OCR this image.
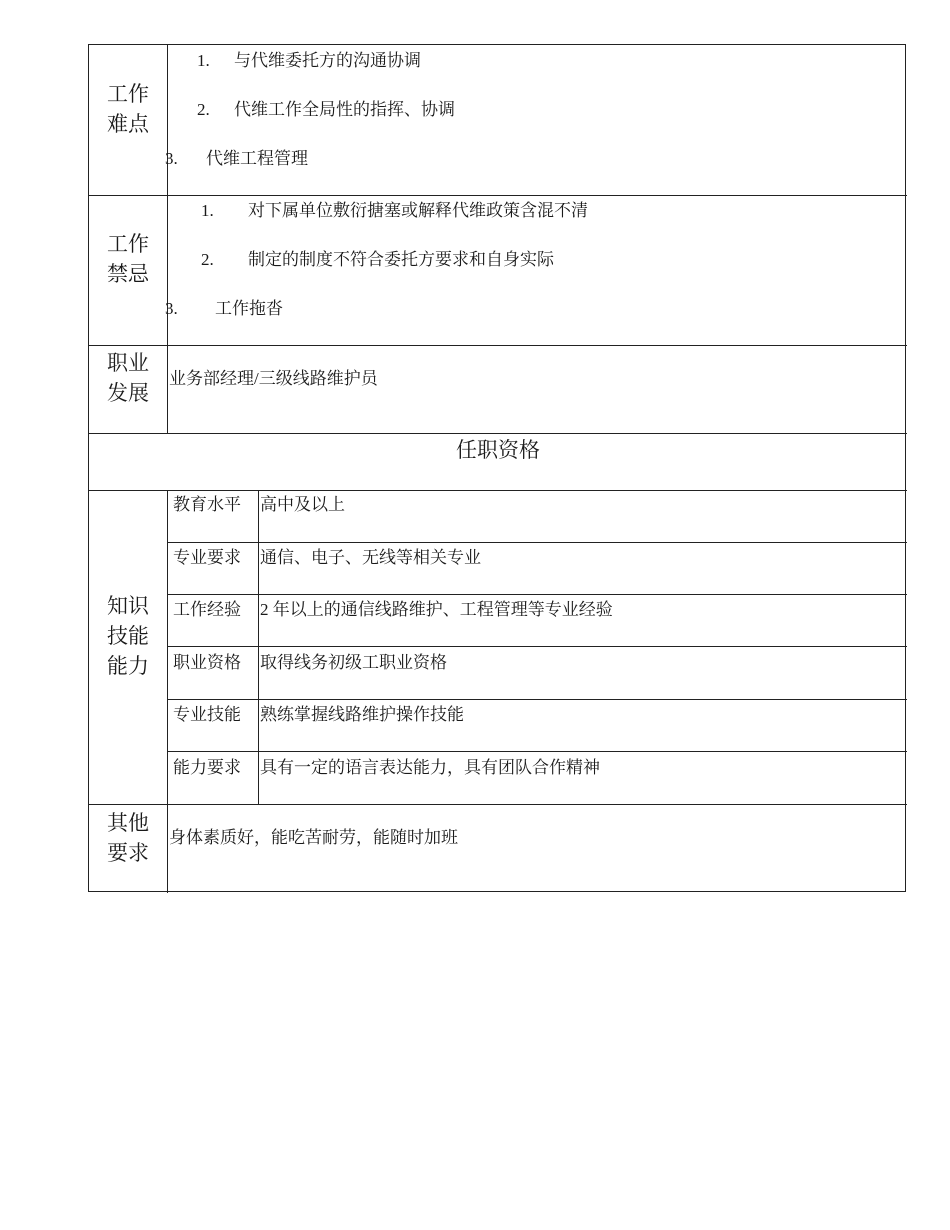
工作
难点
1. 与代维委托方的沟通协调
2. 代维工作全局性的指挥、协调
3. 代维工程管理
工作
禁忌
1. 对下属单位敷衍搪塞或解释代维政策含混不清
2. 制定的制度不符合委托方要求和自身实际
3. 工作拖沓
职业
发展
业务部经理/三级线路维护员
任职资格
知识
技能
能力
教育水平 高中及以上
专业要求 通信、电子、无线等相关专业
工作经验 2 年以上的通信线路维护、工程管理等专业经验
职业资格 取得线务初级工职业资格
专业技能 熟练掌握线路维护操作技能
能力要求 具有一定的语言表达能力，具有团队合作精神
其他
要求
身体素质好，能吃苦耐劳，能随时加班
